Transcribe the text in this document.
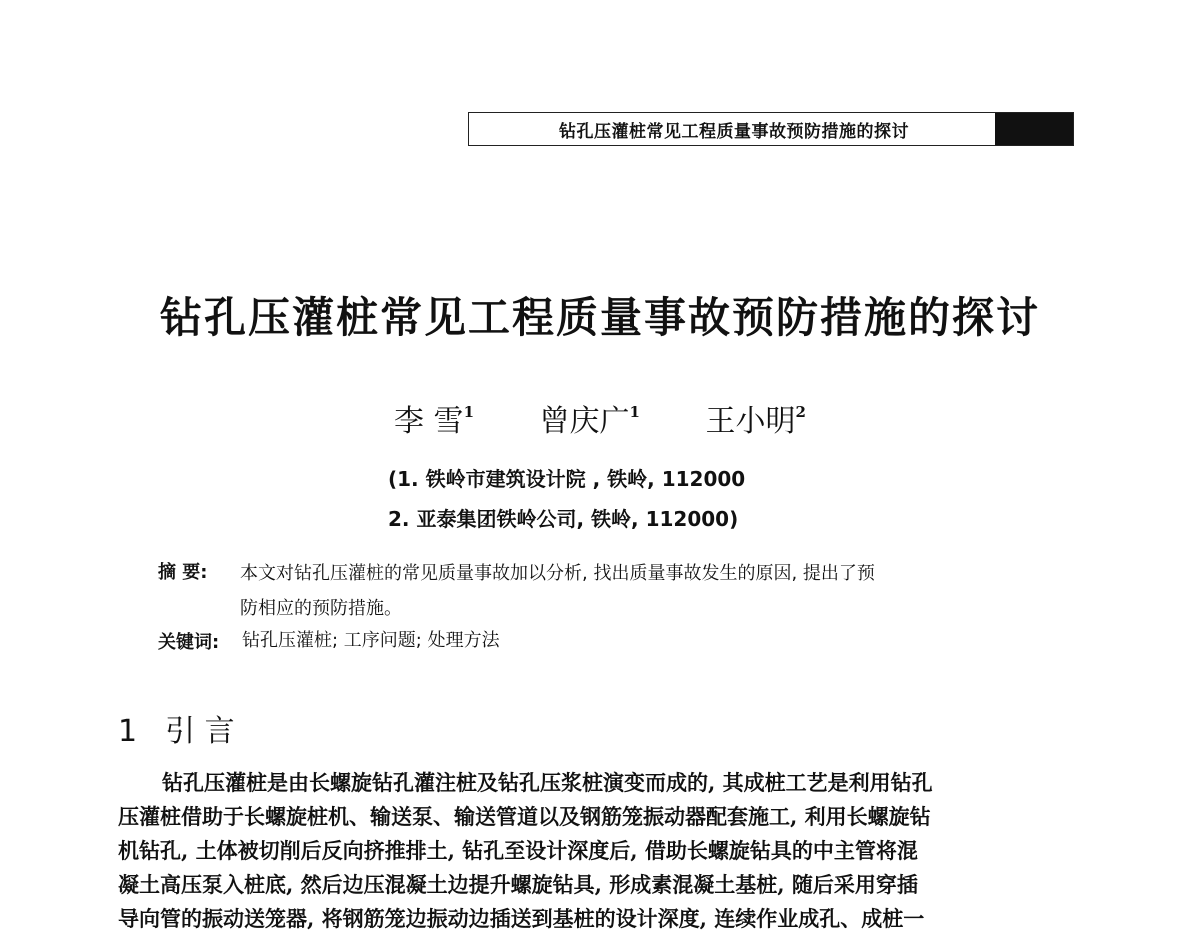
钻孔压灌桩常见工程质量事故预防措施的探讨
钻孔压灌桩常见工程质量事故预防措施的探讨
李 雪$^1$ 曾庆广$^1$ 王小明$^2$
(1. 铁岭市建筑设计院 , 铁岭, 112000
2. 亚泰集团铁岭公司, 铁岭, 112000)
摘 要: 本文对钻孔压灌桩的常见质量事故加以分析, 找出质量事故发生的原因, 提出了预
防相应的预防措施。
关键词: 钻孔压灌桩; 工序问题; 处理方法
1 引 言
钻孔压灌桩是由长螺旋钻孔灌注桩及钻孔压浆桩演变而成的, 其成桩工艺是利用钻孔
压灌桩借助于长螺旋桩机、输送泵、输送管道以及钢筋笼振动器配套施工, 利用长螺旋钻
机钻孔, 土体被切削后反向挤推排土, 钻孔至设计深度后, 借助长螺旋钻具的中主管将混
凝土高压泵入桩底, 然后边压混凝土边提升螺旋钻具, 形成素混凝土基桩, 随后采用穿插
导向管的振动送笼器, 将钢筋笼边振动边插送到基桩的设计深度, 连续作业成孔、成桩一
